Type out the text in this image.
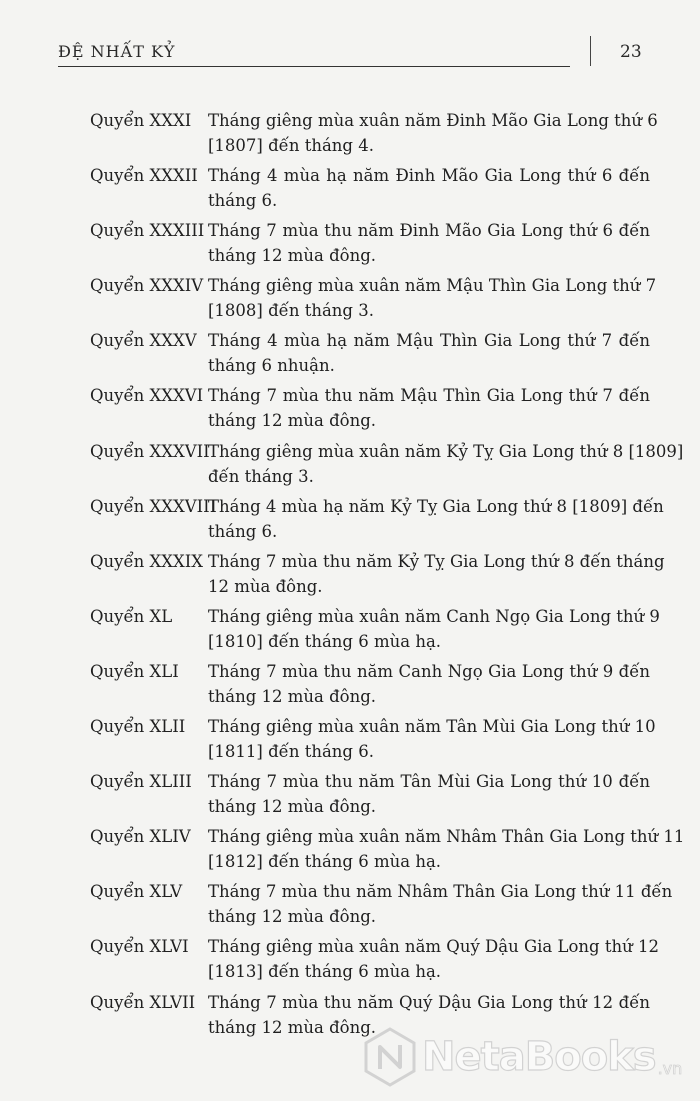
ĐỆ NHẤT KỶ	23
Quyển XXXI	Tháng giêng mùa xuân năm Đinh Mão Gia Long thứ 6
[1807] đến tháng 4.
Quyển XXXII Tháng 4 mùa hạ năm Đinh Mão Gia Long thứ 6 đến
tháng 6.
Quyển XXXIII Tháng 7 mùa thu năm Đinh Mão Gia Long thứ 6 đến
tháng 12 mùa đông.
Quyển XXXIV Tháng giêng mùa xuân năm Mậu Thìn Gia Long thứ 7
[1808] đến tháng 3.
Quyển XXXV Tháng 4 mùa hạ năm Mậu Thìn Gia Long thứ 7 đến
tháng 6 nhuận.
Quyển XXXVI Tháng 7 mùa thu năm Mậu Thìn Gia Long thứ 7 đến
tháng 12 mùa đông.
Quyển XXXVII
Tháng giêng mùa xuân năm Kỷ Tỵ Gia Long thứ 8 [1809]
đến tháng 3.
Quyển XXXVIII
Tháng 4 mùa hạ năm Kỷ Tỵ Gia Long thứ 8 [1809] đến
tháng 6.
Quyển XXXIX Tháng 7 mùa thu năm Kỷ Tỵ Gia Long thứ 8 đến tháng
12 mùa đông.
Quyển XL	Tháng giêng mùa xuân năm Canh Ngọ Gia Long thứ 9
[1810] đến tháng 6 mùa hạ.
Quyển XLI	Tháng 7 mùa thu năm Canh Ngọ Gia Long thứ 9 đến
tháng 12 mùa đông.
Quyển XLII	Tháng giêng mùa xuân năm Tân Mùi Gia Long thứ 10
[1811] đến tháng 6.
Quyển XLIII Tháng 7 mùa thu năm Tân Mùi Gia Long thứ 10 đến
tháng 12 mùa đông.
Quyển XLIV	Tháng giêng mùa xuân năm Nhâm Thân Gia Long thứ 11
[1812] đến tháng 6 mùa hạ.
Quyển XLV	Tháng 7 mùa thu năm Nhâm Thân Gia Long thứ 11 đến
tháng 12 mùa đông.
Quyển XLVI	Tháng giêng mùa xuân năm Quý Dậu Gia Long thứ 12
[1813] đến tháng 6 mùa hạ.
Quyển XLVII Tháng 7 mùa thu năm Quý Dậu Gia Long thứ 12 đến
tháng 12 mùa đông.
NetaBooks .vn
